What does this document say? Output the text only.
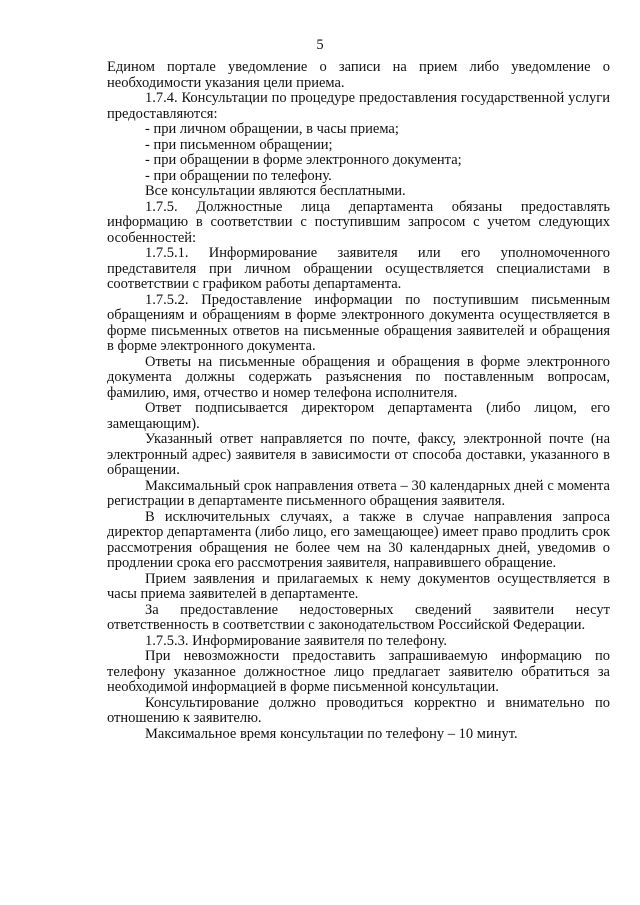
5

Едином портале уведомление о записи на прием либо уведомление о необходимости указания цели приема.

1.7.4. Консультации по процедуре предоставления государственной услуги предоставляются:

- при личном обращении, в часы приема;

- при письменном обращении;

- при обращении в форме электронного документа;

- при обращении по телефону.

Все консультации являются бесплатными.

1.7.5. Должностные лица департамента обязаны предоставлять информацию в соответствии с поступившим запросом с учетом следующих особенностей:

1.7.5.1. Информирование заявителя или его уполномоченного представителя при личном обращении осуществляется специалистами в соответствии с графиком работы департамента.

1.7.5.2. Предоставление информации по поступившим письменным обращениям и обращениям в форме электронного документа осуществляется в форме письменных ответов на письменные обращения заявителей и обращения в форме электронного документа.

Ответы на письменные обращения и обращения в форме электронного документа должны содержать разъяснения по поставленным вопросам, фамилию, имя, отчество и номер телефона исполнителя.

Ответ подписывается директором департамента (либо лицом, его замещающим).

Указанный ответ направляется по почте, факсу, электронной почте (на электронный адрес) заявителя в зависимости от способа доставки, указанного в обращении.

Максимальный срок направления ответа – 30 календарных дней с момента регистрации в департаменте письменного обращения заявителя.

В исключительных случаях, а также в случае направления запроса директор департамента (либо лицо, его замещающее) имеет право продлить срок рассмотрения обращения не более чем на 30 календарных дней, уведомив о продлении срока его рассмотрения заявителя, направившего обращение.

Прием заявления и прилагаемых к нему документов осуществляется в часы приема заявителей в департаменте.

За предоставление недостоверных сведений заявители несут ответственность в соответствии с законодательством Российской Федерации.

1.7.5.3. Информирование заявителя по телефону.

При невозможности предоставить запрашиваемую информацию по телефону указанное должностное лицо предлагает заявителю обратиться за необходимой информацией в форме письменной консультации.

Консультирование должно проводиться корректно и внимательно по отношению к заявителю.

Максимальное время консультации по телефону – 10 минут.
